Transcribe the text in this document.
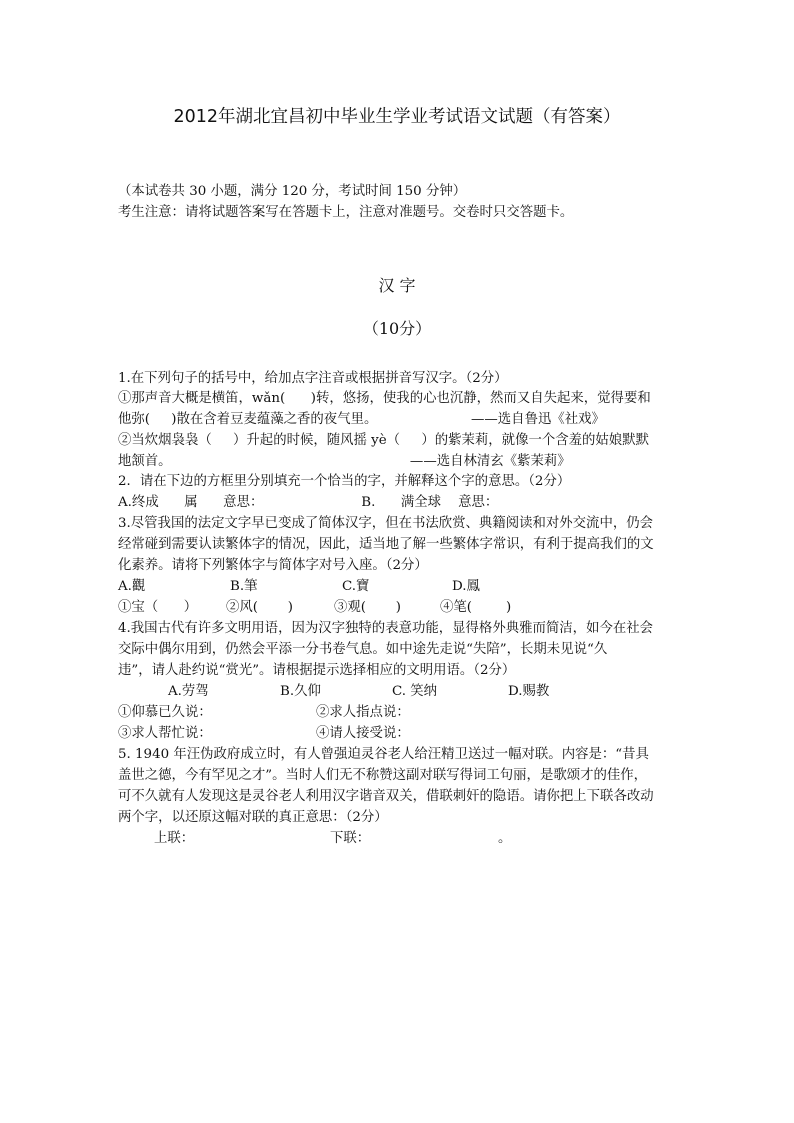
2012年湖北宜昌初中毕业生学业考试语文试题（有答案）
（本试卷共 30 小题，满分 120 分，考试时间 150 分钟）
考生注意：请将试题答案写在答题卡上，注意对准题号。交卷时只交答题卡。
汉 字
（10分）
1.在下列句子的括号中，给加点字注音或根据拼音写汉字。（2分）
①那声音大概是横笛，wǎn(      )转，悠扬，使我的心也沉静，然而又自失起来，觉得要和
他弥(     )散在含着豆麦蕴藻之香的夜气里。                      ——选自鲁迅《社戏》
②当炊烟袅袅（     ）升起的时候，随风摇 yè（     ）的紫茉莉，就像一个含羞的姑娘默默
地颔首。                                                        ——选自林清玄《紫茉莉》
2．请在下边的方框里分别填充一个恰当的字，并解释这个字的意思。（2分）
A.终成      属      意思：                       B.      满全球    意思：
3.尽管我国的法定文字早已变成了简体汉字，但在书法欣赏、典籍阅读和对外交流中，仍会
经常碰到需要认读繁体字的情况，因此，适当地了解一些繁体字常识，有利于提高我们的文
化素养。请将下列繁体字与简体字对号入座。（2分）

A.觀

	B.筆

	C.寶

	D.鳳

①宝（      ）

②风(       )

	③观(       )

	④笔(        )

4.我国古代有许多文明用语，因为汉字独特的表意功能，显得格外典雅而简洁，如今在社会
交际中偶尔用到，仍然会平添一分书卷气息。如中途先走说“失陪”，长期未见说“久
违”，请人赴约说“赏光”。请根据提示选择相应的文明用语。（2分）

A.劳驾

	B.久仰

	C. 笑纳

	D.赐教

①仰慕已久说：

	②求人指点说：

③求人帮忙说：

	④请人接受说：

5. 1940 年汪伪政府成立时，有人曾强迫灵谷老人给汪精卫送过一幅对联。内容是：“昔具
盖世之德，今有罕见之才”。当时人们无不称赞这副对联写得词工句丽，是歌颂才的佳作，
可不久就有人发现这是灵谷老人利用汉字谐音双关，借联刺奸的隐语。请你把上下联各改动
两个字，以还原这幅对联的真正意思：（2分）

上联：

	下联：

	。
